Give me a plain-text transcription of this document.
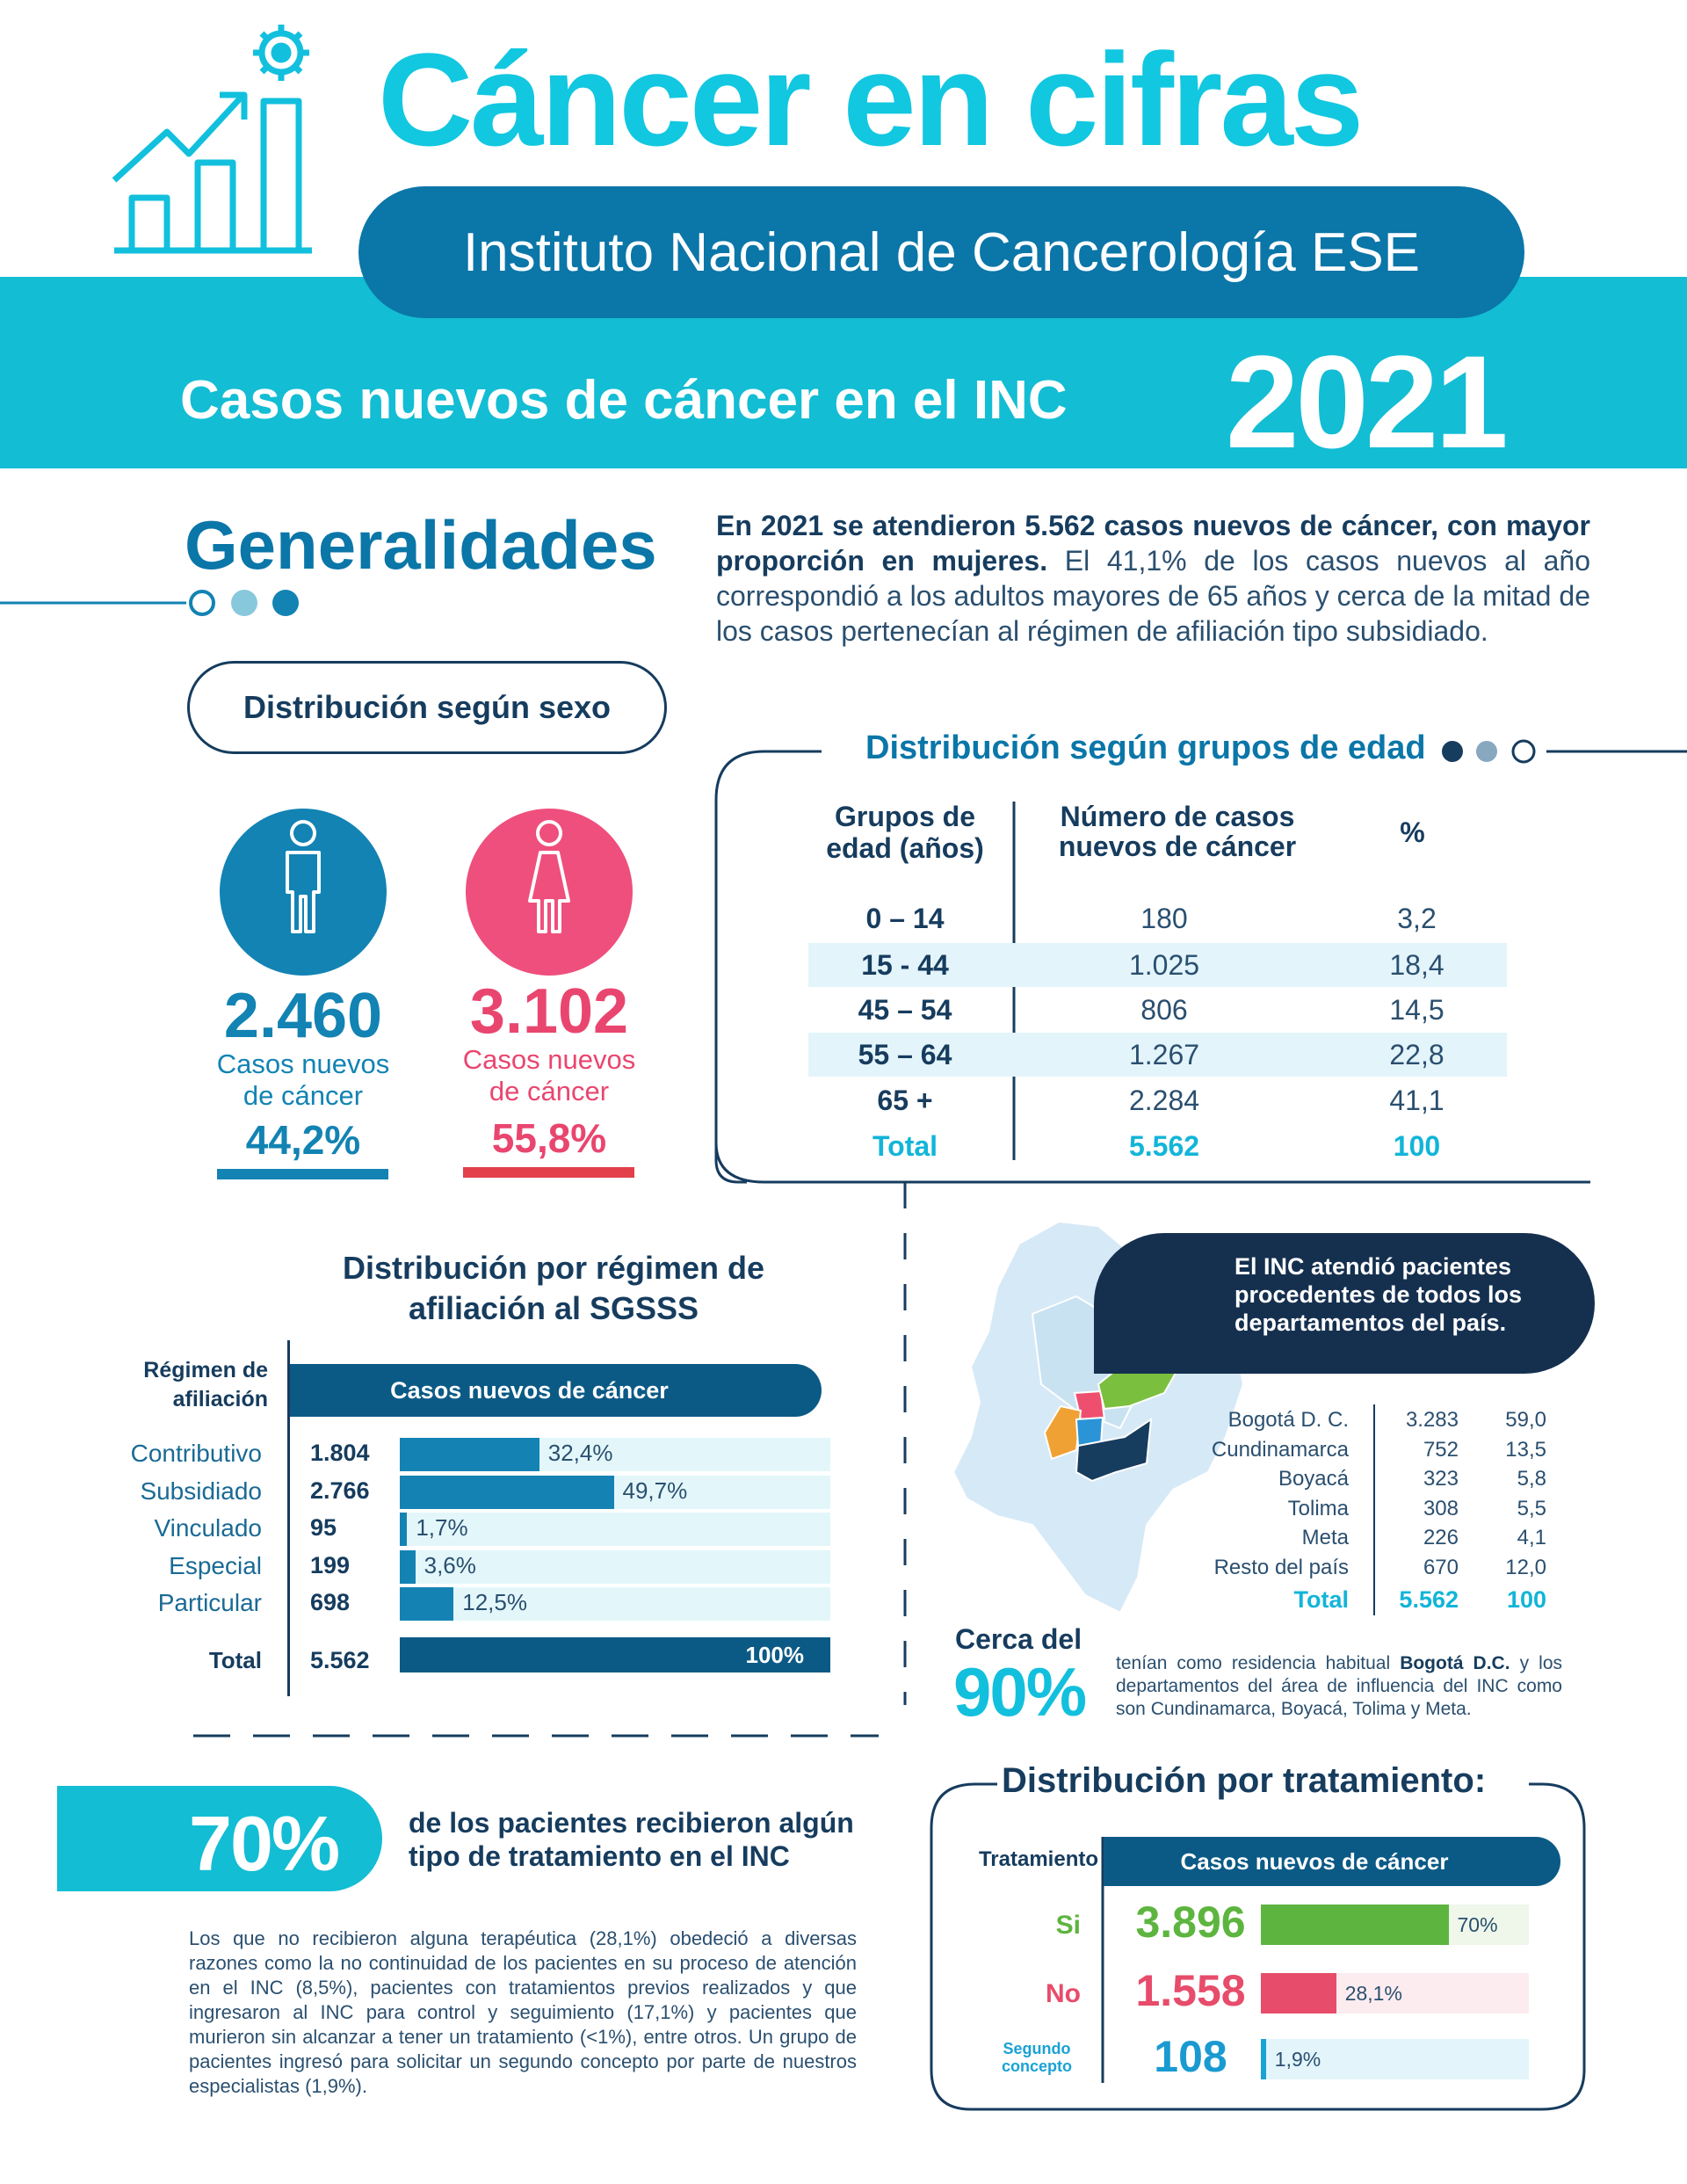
Cáncer en cifras
Instituto Nacional de Cancerología ESE
Casos nuevos de cáncer en el INC 2021
Generalidades En 2021 se atendieron 5.562 casos nuevos de cáncer, con mayor proporción en mujeres. El 41,1% de los casos nuevos al año correspondió a los adultos mayores de 65 años y cerca de la mitad de los casos pertenecían al régimen de afiliación tipo subsidiado.
Distribución según sexo
2.460
Casos nuevos
de cáncer
44,2%
3.102
Casos nuevos
de cáncer
55,8%
Distribución según grupos de edad
Grupos de
edad (años)
Número de casos
nuevos de cáncer	%
0 – 14	180	3,2
15 - 44	1.025	18,4
45 – 54	806	14,5
55 – 64	1.267	22,8
65 +	2.284	41,1
Total	5.562	100
Distribución por régimen de
afiliación al SGSSS
Régimen de
afiliación	Casos nuevos de cáncer
Contributivo 1.804	32,4%
Subsidiado 2.766	49,7%
Vinculado 95	1,7%
Especial 199	3,6%
Particular 698	12,5%
Total 5.562	100%
El INC atendió pacientes procedentes de todos los departamentos del país.
Bogotá D. C.	3.283	59,0
Cundinamarca	752	13,5
Boyacá	323	5,8
Tolima	308	5,5
Meta	226	4,1
Resto del país	670	12,0
Total	5.562	100
Cerca del
90% tenían como residencia habitual Bogotá D.C. y los departamentos del área de influencia del INC como son Cundinamarca, Boyacá, Tolima y Meta.
70% de los pacientes recibieron algún tipo de tratamiento en el INC
Los que no recibieron alguna terapéutica (28,1%) obedeció a diversas razones como la no continuidad de los pacientes en su proceso de atención en el INC (8,5%), pacientes con tratamientos previos realizados y que ingresaron al INC para control y seguimiento (17,1%) y pacientes que murieron sin alcanzar a tener un tratamiento (<1%), entre otros. Un grupo de pacientes ingresó para solicitar un segundo concepto por parte de nuestros especialistas (1,9%).
Distribución por tratamiento:
Tratamiento	Casos nuevos de cáncer
Si 3.896	70%
No 1.558	28,1%
Segundo concepto	108	1,9%
